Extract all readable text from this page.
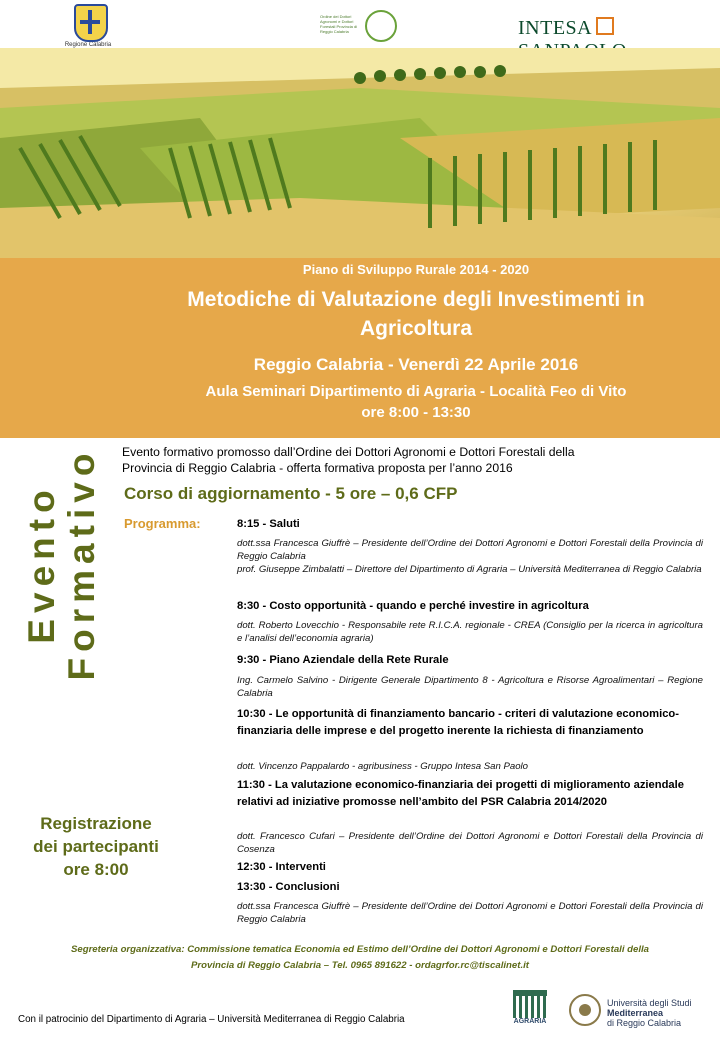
Regione Calabria
Ordine dei Dottori Agronomi e Dottori Forestali Provincia di Reggio Calabria	INTESA
Piano di Sviluppo Rurale 2014 - 2020
Metodiche di Valutazione degli Investimenti in
Agricoltura
Reggio Calabria - Venerdì 22 Aprile 2016
Aula Seminari Dipartimento di Agraria - Località Feo di Vito
ore 8:00 - 13:30
Evento Formativo
Registrazione
dei partecipanti
ore 8:00
Evento formativo promosso dall’Ordine dei Dottori Agronomi e Dottori Forestali della
Provincia di Reggio Calabria - offerta formativa proposta per l’anno 2016
Corso di aggiornamento - 5 ore – 0,6 CFP
Programma:	8:15 - Saluti
dott.ssa Francesca Giuffrè – Presidente dell’Ordine dei Dottori Agronomi e Dottori Forestali della Provincia di Reggio Calabria
prof. Giuseppe Zimbalatti – Direttore del Dipartimento di Agraria – Università Mediterranea di Reggio Calabria
8:30 - Costo opportunità - quando e perché investire in agricoltura
dott. Roberto Lovecchio - Responsabile rete R.I.C.A. regionale - CREA (Consiglio per la ricerca in agricoltura e l’analisi dell’economia agraria)
9:30 - Piano Aziendale della Rete Rurale
Ing. Carmelo Salvino - Dirigente Generale Dipartimento 8 - Agricoltura e Risorse Agroalimentari – Regione Calabria
10:30 - Le opportunità di finanziamento bancario - criteri di valutazione economico-finanziaria delle imprese e del progetto inerente la richiesta di finanziamento
dott. Vincenzo Pappalardo - agribusiness - Gruppo Intesa San Paolo
11:30 - La valutazione economico-finanziaria dei progetti di miglioramento aziendale relativi ad iniziative promosse nell’ambito del PSR Calabria 2014/2020
dott. Francesco Cufari – Presidente dell’Ordine dei Dottori Agronomi e Dottori Forestali della Provincia di Cosenza
12:30 - Interventi
13:30 - Conclusioni
dott.ssa Francesca Giuffrè – Presidente dell’Ordine dei Dottori Agronomi e Dottori Forestali della Provincia di Reggio Calabria
Segreteria organizzativa: Commissione tematica Economia ed Estimo dell’Ordine dei Dottori Agronomi e Dottori Forestali della
Provincia di Reggio Calabria – Tel. 0965 891622 - ordagrfor.rc@tiscalinet.it
Con il patrocinio del Dipartimento di Agraria – Università Mediterranea di Reggio Calabria	AGRARIA
Università degli Studi
Mediterranea
di Reggio Calabria
